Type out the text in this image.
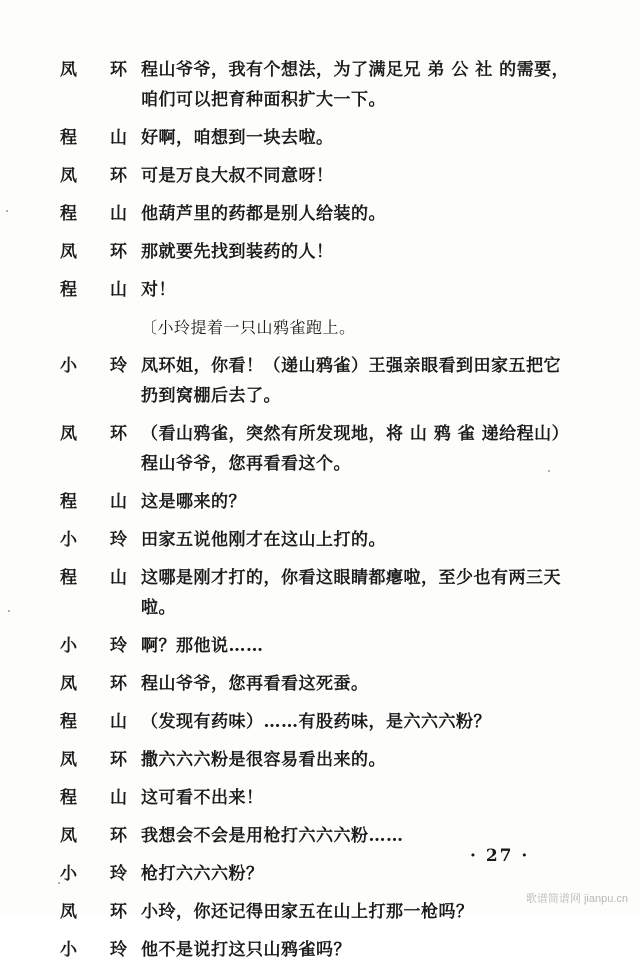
凤 环 程山爷爷，我有个想法，为了满足兄 弟 公 社 的需要，咱们可以把育种面积扩大一下。
程 山 好啊，咱想到一块去啦。
凤 环 可是万良大叔不同意呀！
程 山 他葫芦里的药都是别人给装的。
凤 环 那就要先找到装药的人！
程 山 对！
〔小玲提着一只山鸦雀跑上。
小 玲 凤环姐，你看！（递山鸦雀）王强亲眼看到田家五把它扔到窝棚后去了。
凤 环 （看山鸦雀，突然有所发现地，将 山 鸦 雀 递给程山）程山爷爷，您再看看这个。
程 山 这是哪来的？
小 玲 田家五说他刚才在这山上打的。
程 山 这哪是刚才打的，你看这眼睛都瘪啦，至少也有两三天啦。
小 玲 啊？那他说……
凤 环 程山爷爷，您再看看这死蚕。
程 山 （发现有药味）……有股药味，是六六六粉？
凤 环 撒六六六粉是很容易看出来的。
程 山 这可看不出来！
凤 环 我想会不会是用枪打六六六粉……
小 玲 枪打六六六粉？
凤 环 小玲，你还记得田家五在山上打那一枪吗？
小 玲 他不是说打这只山鸦雀吗？
· 27 ·
歌谱简谱网 jianpu.cn
